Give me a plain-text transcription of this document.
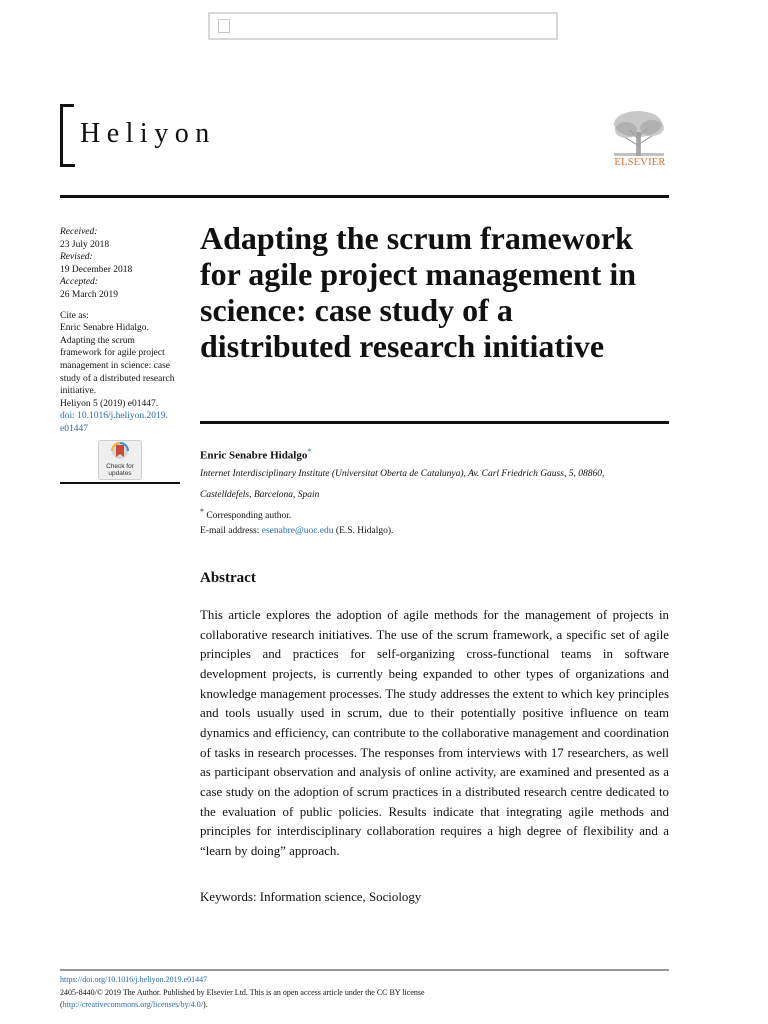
Heliyon
ELSEVIER
Received:
23 July 2018
Revised:
19 December 2018
Accepted:
26 March 2019
Cite as:
Enric Senabre Hidalgo.
Adapting the scrum
framework for agile project
management in science: case
study of a distributed research
initiative.
Heliyon 5 (2019) e01447.
doi: 10.1016/j.heliyon.2019.
e01447
Check for
updates
Adapting the scrum framework for agile project management in science: case study of a distributed research initiative
Enric Senabre Hidalgo*
Internet Interdisciplinary Institute (Universitat Oberta de Catalunya), Av. Carl Friedrich Gauss, 5, 08860,
Castelldefels, Barcelona, Spain
* Corresponding author.
E-mail address: esenabre@uoc.edu (E.S. Hidalgo).
Abstract

This article explores the adoption of agile methods for the management of projects in collaborative research initiatives. The use of the scrum framework, a specific set of agile principles and practices for self-organizing cross-functional teams in software development projects, is currently being expanded to other types of organizations and knowledge management processes. The study addresses the extent to which key principles and tools usually used in scrum, due to their potentially positive influence on team dynamics and efficiency, can contribute to the collaborative management and coordination of tasks in research processes. The responses from interviews with 17 researchers, as well as participant observation and analysis of online activity, are examined and presented as a case study on the adoption of scrum practices in a distributed research centre dedicated to the evaluation of public policies. Results indicate that integrating agile methods and principles for interdisciplinary collaboration requires a high degree of flexibility and a “learn by doing” approach.

Keywords: Information science, Sociology
https://doi.org/10.1016/j.heliyon.2019.e01447
2405-8440/© 2019 The Author. Published by Elsevier Ltd. This is an open access article under the CC BY license
(http://creativecommons.org/licenses/by/4.0/).
